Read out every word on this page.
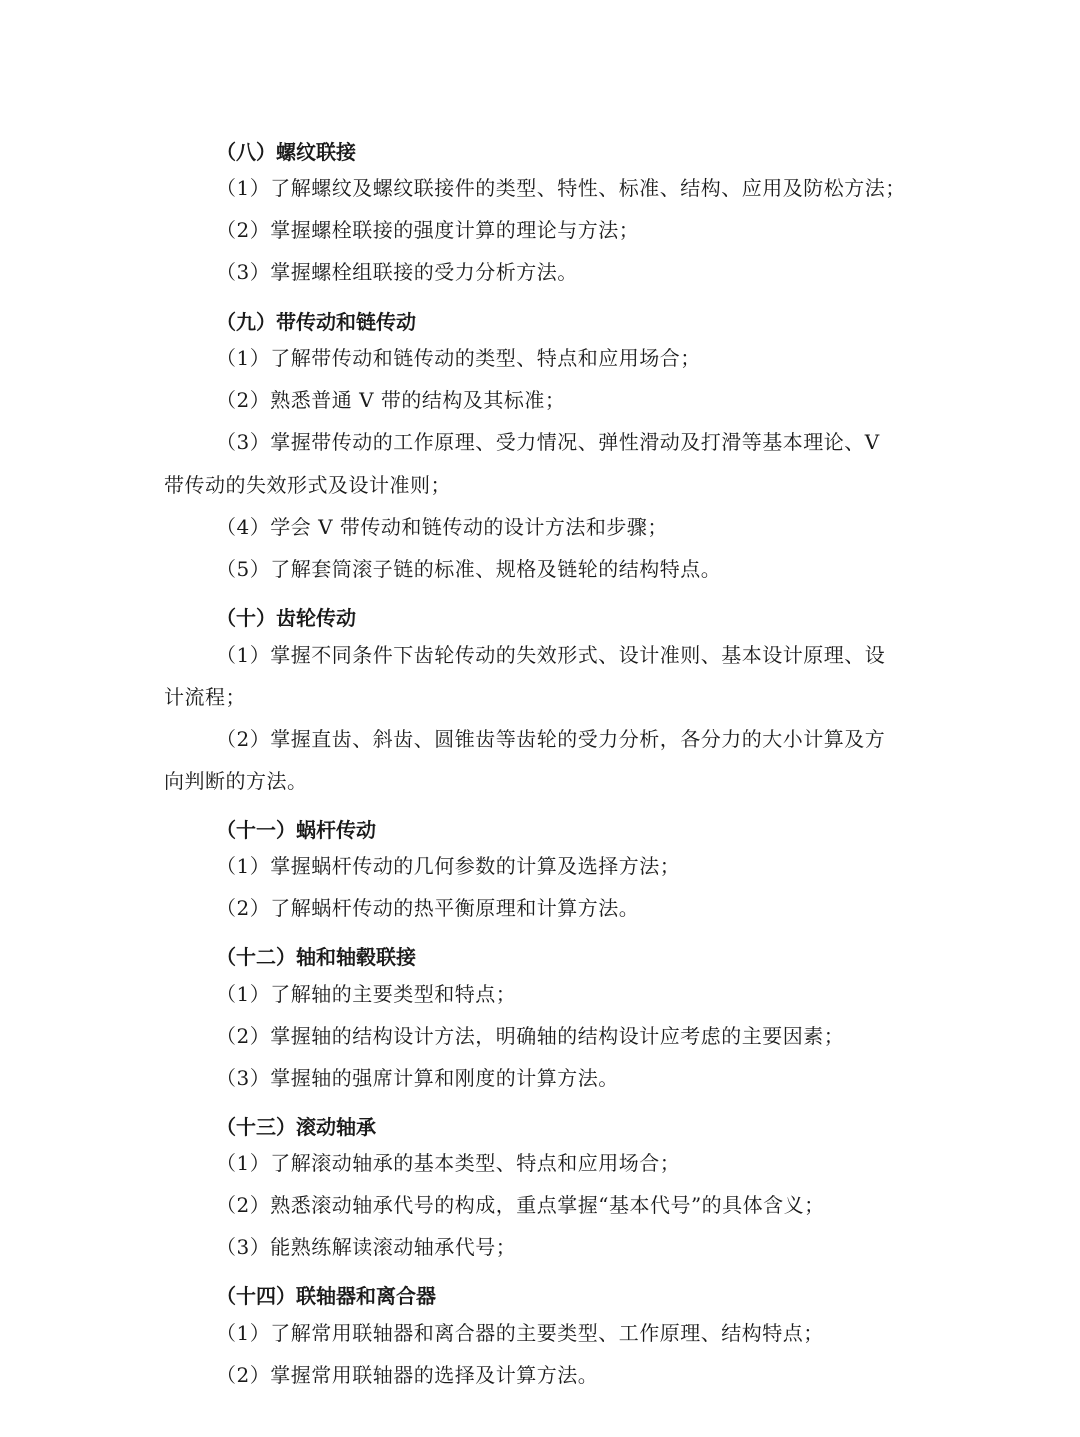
（八）螺纹联接
（1）了解螺纹及螺纹联接件的类型、特性、标准、结构、应用及防松方法；
（2）掌握螺栓联接的强度计算的理论与方法；
（3）掌握螺栓组联接的受力分析方法。
（九）带传动和链传动
（1）了解带传动和链传动的类型、特点和应用场合；
（2）熟悉普通 V 带的结构及其标准；
（3）掌握带传动的工作原理、受力情况、弹性滑动及打滑等基本理论、V
带传动的失效形式及设计准则；
（4）学会 V 带传动和链传动的设计方法和步骤；
（5）了解套筒滚子链的标准、规格及链轮的结构特点。
（十）齿轮传动
（1）掌握不同条件下齿轮传动的失效形式、设计准则、基本设计原理、设
计流程；
（2）掌握直齿、斜齿、圆锥齿等齿轮的受力分析，各分力的大小计算及方
向判断的方法。
（十一）蜗杆传动
（1）掌握蜗杆传动的几何参数的计算及选择方法；
（2）了解蜗杆传动的热平衡原理和计算方法。
（十二）轴和轴毂联接
（1）了解轴的主要类型和特点；
（2）掌握轴的结构设计方法，明确轴的结构设计应考虑的主要因素；
（3）掌握轴的强席计算和刚度的计算方法。
（十三）滚动轴承
（1）了解滚动轴承的基本类型、特点和应用场合；
（2）熟悉滚动轴承代号的构成，重点掌握“基本代号”的具体含义；
（3）能熟练解读滚动轴承代号；
（十四）联轴器和离合器
（1）了解常用联轴器和离合器的主要类型、工作原理、结构特点；
（2）掌握常用联轴器的选择及计算方法。
